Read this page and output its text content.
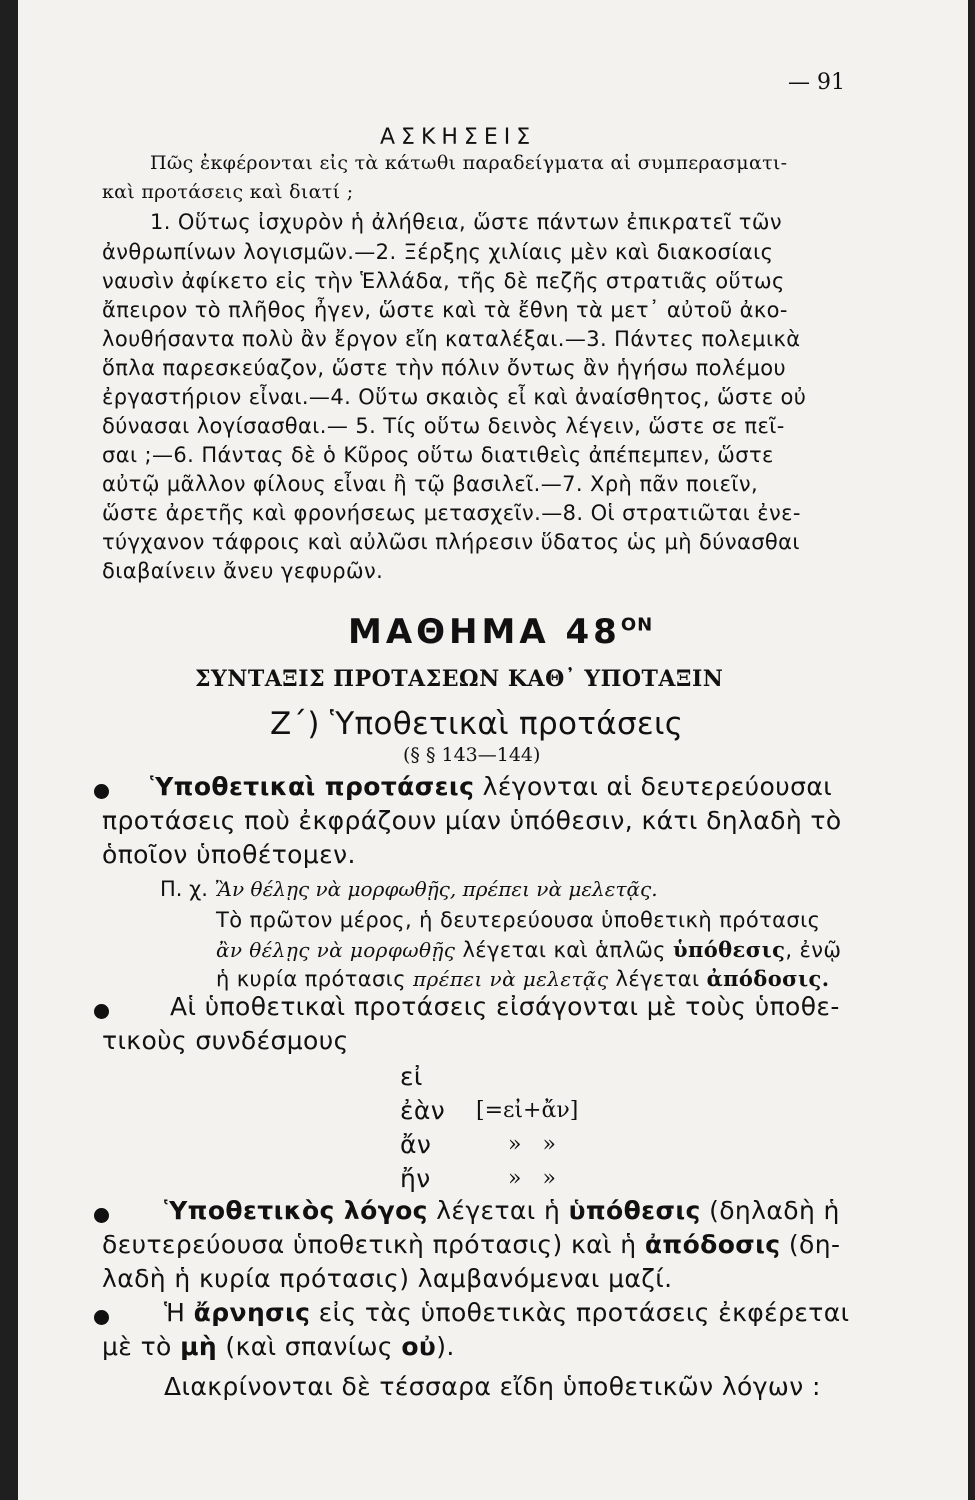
— 91
ΑΣΚΗΣΕΙΣ
Πῶς ἐκφέρονται εἰς τὰ κάτωθι παραδείγματα αἱ συμπερασματι-
καὶ προτάσεις καὶ διατί ;
1. Οὕτως ἰσχυρὸν ἡ ἀλήθεια, ὥστε πάντων ἐπικρατεῖ τῶν
ἀνθρωπίνων λογισμῶν.—2. Ξέρξης χιλίαις μὲν καὶ διακοσίαις
ναυσὶν ἀφίκετο εἰς τὴν Ἑλλάδα, τῆς δὲ πεζῆς στρατιᾶς οὕτως
ἄπειρον τὸ πλῆθος ἦγεν, ὥστε καὶ τὰ ἔθνη τὰ μετ᾽ αὐτοῦ ἀκο-
λουθήσαντα πολὺ ἂν ἔργον εἴη καταλέξαι.—3. Πάντες πολεμικὰ
ὅπλα παρεσκεύαζον, ὥστε τὴν πόλιν ὄντως ἂν ἡγήσω πολέμου
ἐργαστήριον εἶναι.—4. Οὕτω σκαιὸς εἶ καὶ ἀναίσθητος, ὥστε οὐ
δύνασαι λογίσασθαι.— 5. Τίς οὕτω δεινὸς λέγειν, ὥστε σε πεῖ-
σαι ;—6. Πάντας δὲ ὁ Κῦρος οὕτω διατιθεὶς ἀπέπεμπεν, ὥστε
αὐτῷ μᾶλλον φίλους εἶναι ἢ τῷ βασιλεῖ.—7. Χρὴ πᾶν ποιεῖν,
ὥστε ἀρετῆς καὶ φρονήσεως μετασχεῖν.—8. Οἱ στρατιῶται ἐνε-
τύγχανον τάφροις καὶ αὐλῶσι πλήρεσιν ὕδατος ὡς μὴ δύνασθαι
διαβαίνειν ἄνευ γεφυρῶν.
ΜΑΘΗΜΑ $48^{ON}$
ΣΥΝΤΑΞΙΣ ΠΡΟΤΑΣΕΩΝ ΚΑΘ᾽ ΥΠΟΤΑΞΙΝ
Ζ΄) Ὑποθετικαὶ προτάσεις
(§ § 143—144)
Ὑποθετικαὶ προτάσεις λέγονται αἱ δευτερεύουσαι
προτάσεις ποὺ ἐκφράζουν μίαν ὑπόθεσιν, κάτι δηλαδὴ τὸ
ὁποῖον ὑποθέτομεν.
Π. χ. Ἂν θέλῃς νὰ μορφωθῇς, πρέπει νὰ μελετᾷς.
Τὸ πρῶτον μέρος, ἡ δευτερεύουσα ὑποθετικὴ πρότασις
ἂν θέλῃς νὰ μορφωθῇς λέγεται καὶ ἁπλῶς ὑπόθεσις, ἐνῷ
ἡ κυρία πρότασις πρέπει νὰ μελετᾷς λέγεται ἀπόδοσις.
Αἱ ὑποθετικαὶ προτάσεις εἰσάγονται μὲ τοὺς ὑποθε-
τικοὺς συνδέσμους
εἰ
ἐὰν [=εἰ+ἄν]
ἄν	»   »
ἤν	»   »
Ὑποθετικὸς λόγος λέγεται ἡ ὑπόθεσις (δηλαδὴ ἡ
δευτερεύουσα ὑποθετικὴ πρότασις) καὶ ἡ ἀπόδοσις (δη-
λαδὴ ἡ κυρία πρότασις) λαμβανόμεναι μαζί.
Ἡ ἄρνησις εἰς τὰς ὑποθετικὰς προτάσεις ἐκφέρεται
μὲ τὸ μὴ (καὶ σπανίως οὐ).
Διακρίνονται δὲ τέσσαρα εἴδη ὑποθετικῶν λόγων :
